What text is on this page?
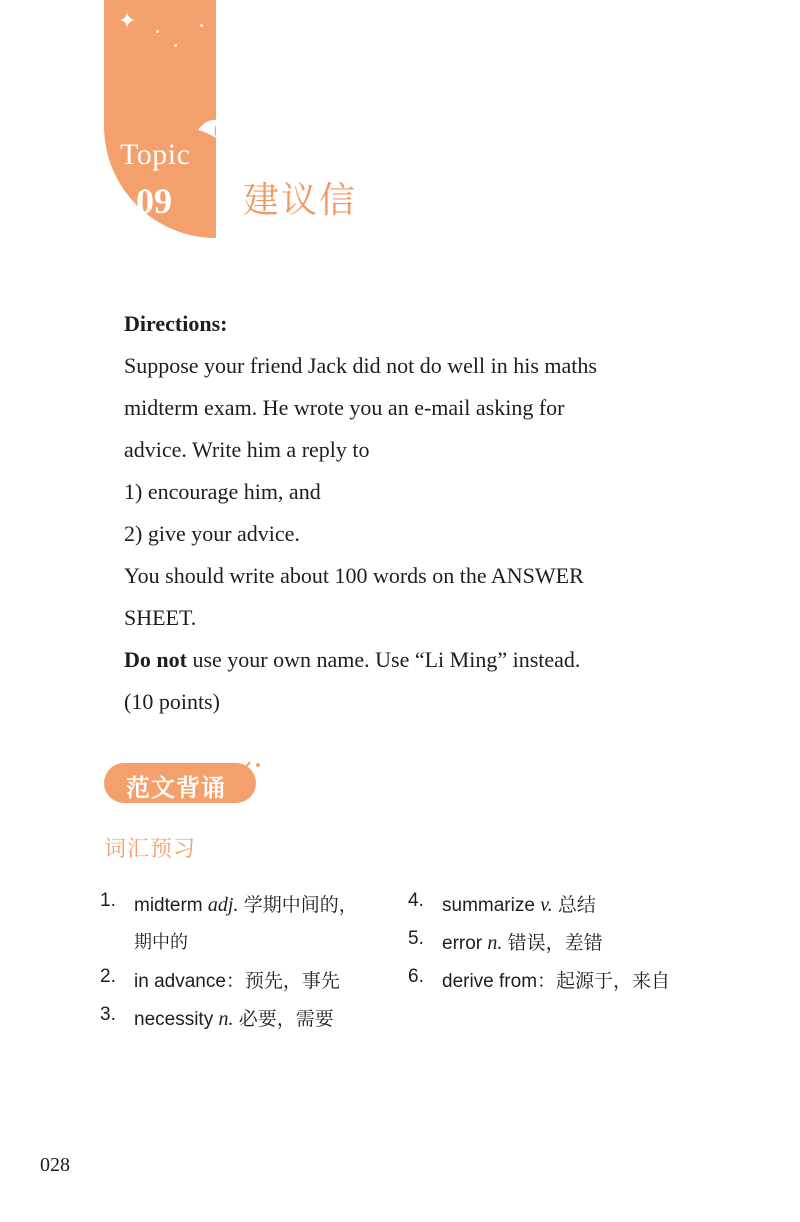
✦
Topic
09 建议信

Directions:

Suppose your friend Jack did not do well in his maths

midterm exam. He wrote you an e-mail asking for

advice. Write him a reply to

1) encourage him, and

2) give your advice.

You should write about 100 words on the ANSWER

SHEET.

Do not use your own name. Use “Li Ming” instead.

(10 points)

范文背诵
词汇预习
1. midterm adj. 学期中间的，
期中的
2. in advance：预先，事先
3. necessity n. 必要，需要
4. summarize v. 总结
5. error n. 错误，差错
6. derive from：起源于，来自
028
